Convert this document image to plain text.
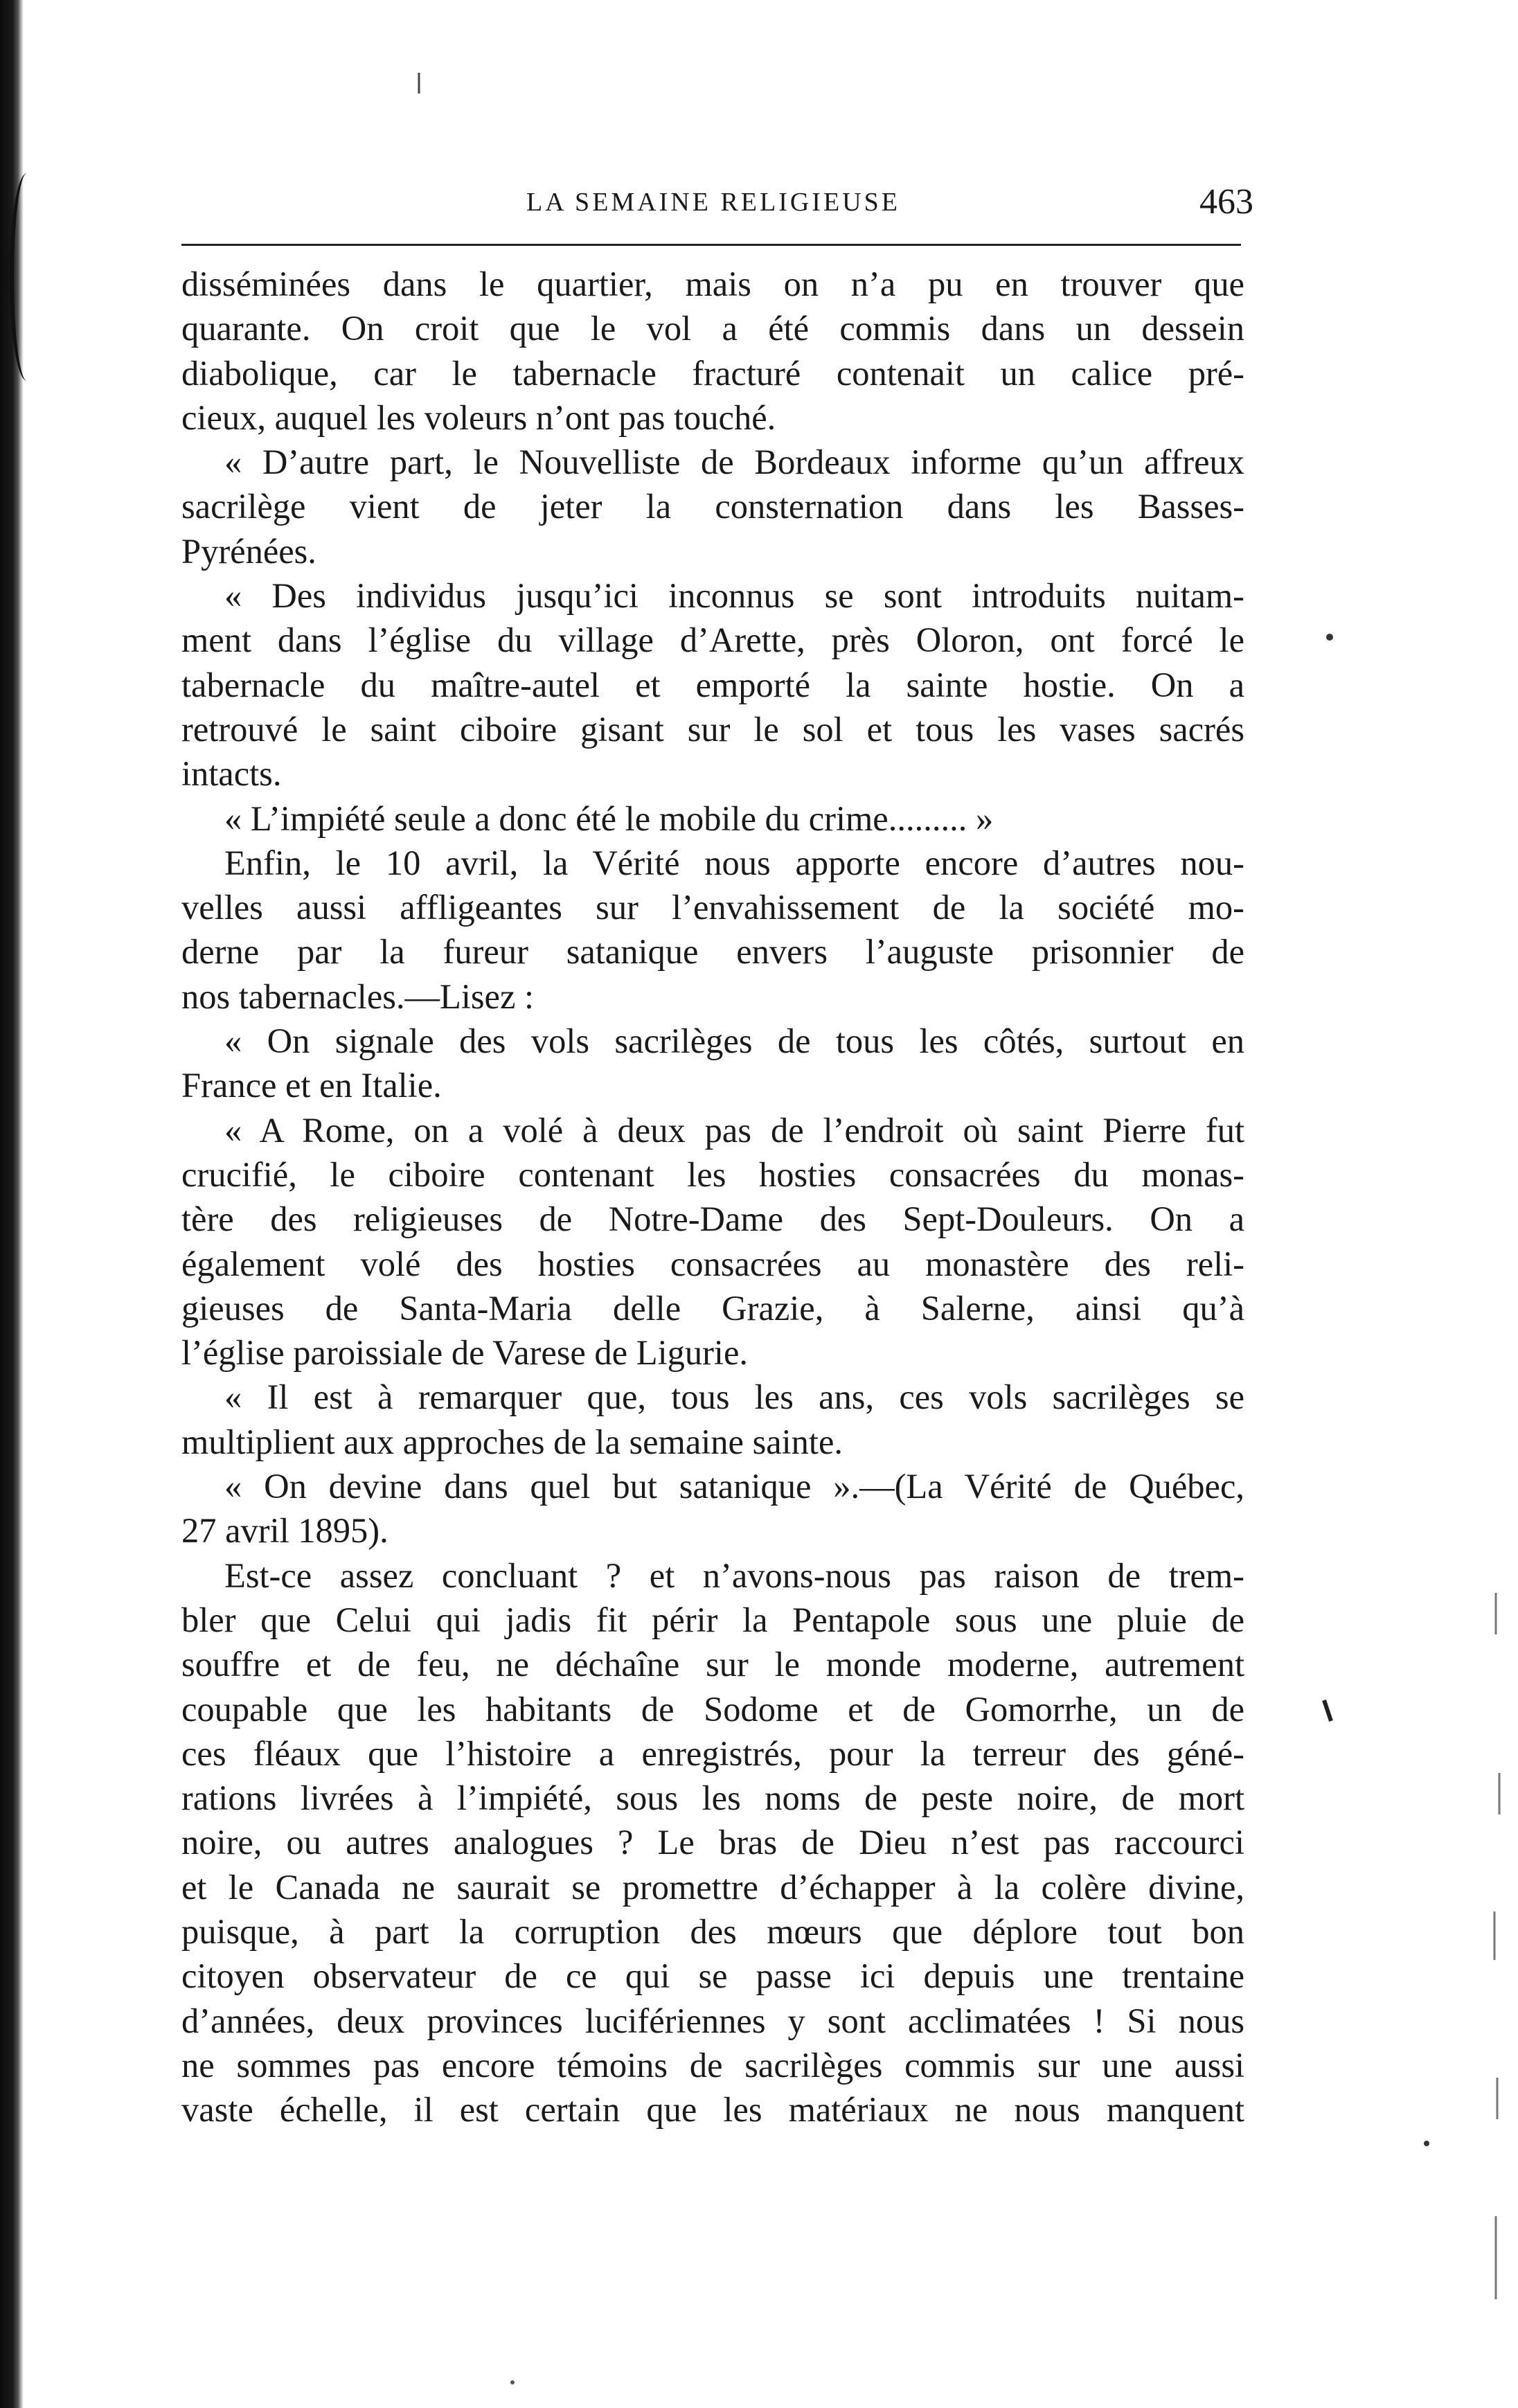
LA SEMAINE RELIGIEUSE	463
disséminées dans le quartier, mais on n’a pu en trouver que
quarante. On croit que le vol a été commis dans un dessein
diabolique, car le tabernacle fracturé contenait un calice pré-
cieux, auquel les voleurs n’ont pas touché.
« D’autre part, le Nouvelliste de Bordeaux informe qu’un affreux
sacrilège vient de jeter la consternation dans les Basses-
Pyrénées.
« Des individus jusqu’ici inconnus se sont introduits nuitam-
ment dans l’église du village d’Arette, près Oloron, ont forcé le
tabernacle du maître-autel et emporté la sainte hostie. On a
retrouvé le saint ciboire gisant sur le sol et tous les vases sacrés
intacts.
« L’impiété seule a donc été le mobile du crime......... »
Enfin, le 10 avril, la Vérité nous apporte encore d’autres nou-
velles aussi affligeantes sur l’envahissement de la société mo-
derne par la fureur satanique envers l’auguste prisonnier de
nos tabernacles.—Lisez :
« On signale des vols sacrilèges de tous les côtés, surtout en
France et en Italie.
« A Rome, on a volé à deux pas de l’endroit où saint Pierre fut
crucifié, le ciboire contenant les hosties consacrées du monas-
tère des religieuses de Notre-Dame des Sept-Douleurs. On a
également volé des hosties consacrées au monastère des reli-
gieuses de Santa-Maria delle Grazie, à Salerne, ainsi qu’à
l’église paroissiale de Varese de Ligurie.
« Il est à remarquer que, tous les ans, ces vols sacrilèges se
multiplient aux approches de la semaine sainte.
« On devine dans quel but satanique ».—(La Vérité de Québec,
27 avril 1895).
Est-ce assez concluant ? et n’avons-nous pas raison de trem-
bler que Celui qui jadis fit périr la Pentapole sous une pluie de
souffre et de feu, ne déchaîne sur le monde moderne, autrement
coupable que les habitants de Sodome et de Gomorrhe, un de
ces fléaux que l’histoire a enregistrés, pour la terreur des géné-
rations livrées à l’impiété, sous les noms de peste noire, de mort
noire, ou autres analogues ? Le bras de Dieu n’est pas raccourci
et le Canada ne saurait se promettre d’échapper à la colère divine,
puisque, à part la corruption des mœurs que déplore tout bon
citoyen observateur de ce qui se passe ici depuis une trentaine
d’années, deux provinces lucifériennes y sont acclimatées ! Si nous
ne sommes pas encore témoins de sacrilèges commis sur une aussi
vaste échelle, il est certain que les matériaux ne nous manquent
